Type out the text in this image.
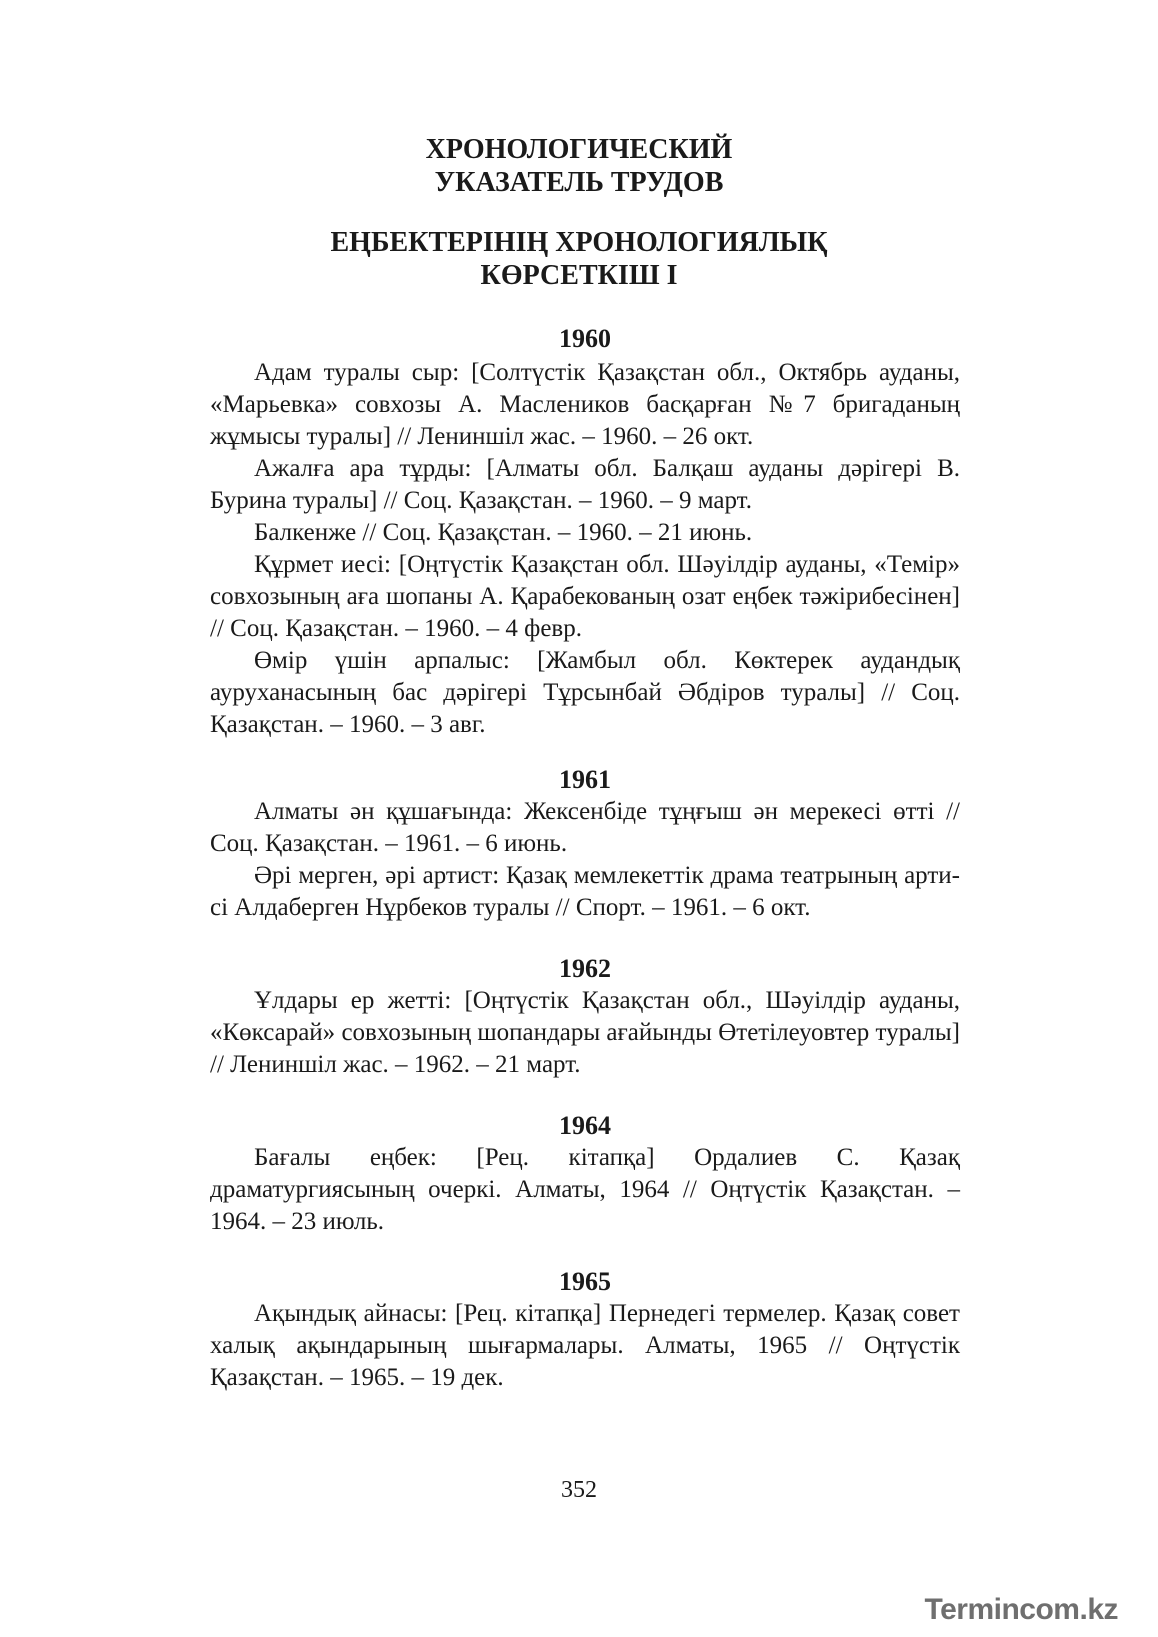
ХРОНОЛОГИЧЕСКИЙ
УКАЗАТЕЛЬ ТРУДОВ
ЕҢБЕКТЕРІНІҢ ХРОНОЛОГИЯЛЫҚ
КӨРСЕТКІШ І
1960

Адам туралы сыр: [Солтүстік Қазақстан обл., Октябрь ауданы, «Марьевка» совхозы А. Маслеников басқарған №7 бригаданың жұмысы туралы] // Лениншіл жас. – 1960. – 26 окт.

Ажалға ара тұрды: [Алматы обл. Балқаш ауданы дәрігері В. Бурина туралы] // Соц. Қазақстан. – 1960. – 9 март.

Балкенже // Соц. Қазақстан. – 1960. – 21 июнь.

Құрмет иесі: [Оңтүстік Қазақстан обл. Шәуілдір ауданы, «Темір» совхозының аға шопаны А. Қарабекованың озат еңбек тәжірибесінен] // Соц. Қазақстан. – 1960. – 4 февр.

Өмір үшін арпалыс: [Жамбыл обл. Көктерек аудандық ауруханасының бас дәрігері Тұрсынбай Әбдіров туралы] // Соц. Қазақстан. – 1960. – 3 авг.

1961

Алматы ән құшағында: Жексенбіде тұңғыш ән мерекесі өтті // Соц. Қазақстан. – 1961. – 6 июнь.

Әрі мерген, әрі артист: Қазақ мемлекеттік драма театрының арти-сі Алдаберген Нұрбеков туралы // Спорт. – 1961. – 6 окт.

1962

Ұлдары ер жетті: [Оңтүстік Қазақстан обл., Шәуілдір ауданы, «Көксарай» совхозының шопандары ағайынды Өтетілеуовтер туралы] // Лениншіл жас. – 1962. – 21 март.

1964

Бағалы еңбек: [Рец. кітапқа] Ордалиев С. Қазақ драматургиясының очеркі. Алматы, 1964 // Оңтүстік Қазақстан. – 1964. – 23 июль.

1965

Ақындық айнасы: [Рец. кітапқа] Пернедегі термелер. Қазақ совет халық ақындарының шығармалары. Алматы, 1965 // Оңтүстік Қазақстан. – 1965. – 19 дек.

352
Termincom.kz
